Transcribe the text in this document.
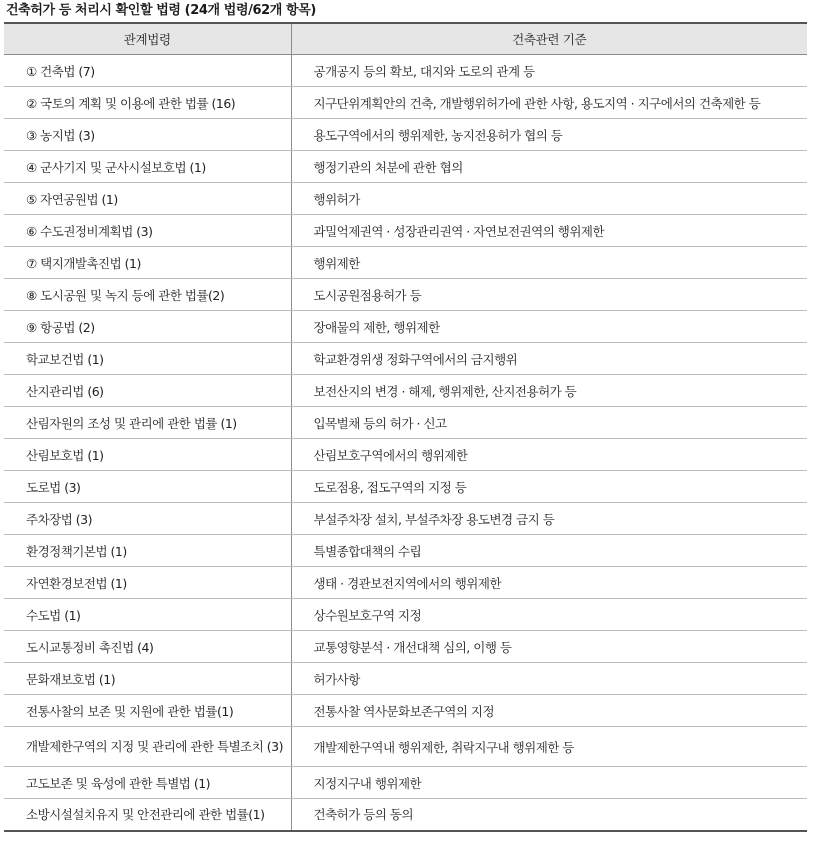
건축허가 등 처리시 확인할 법령 (24개 법령/62개 항목)
관계법령	건축관련 기준
① 건축법 (7)	공개공지 등의 확보, 대지와 도로의 관계 등
② 국토의 계획 및 이용에 관한 법률 (16)	지구단위계획안의 건축, 개발행위허가에 관한 사항, 용도지역 · 지구에서의 건축제한 등
③ 농지법 (3)	용도구역에서의 행위제한, 농지전용허가 협의 등
④ 군사기지 및 군사시설보호법 (1)	행정기관의 처분에 관한 협의
⑤ 자연공원법 (1)	행위허가
⑥ 수도권정비계획법 (3)	과밀억제권역 · 성장관리권역 · 자연보전권역의 행위제한
⑦ 택지개발촉진법 (1)	행위제한
⑧ 도시공원 및 녹지 등에 관한 법률(2)	도시공원점용허가 등
⑨ 항공법 (2)	장애물의 제한, 행위제한
학교보건법 (1)	학교환경위생 정화구역에서의 금지행위
산지관리법 (6)	보전산지의 변경 · 해제, 행위제한, 산지전용허가 등
산림자원의 조성 및 관리에 관한 법률 (1)	입목벌채 등의 허가 · 신고
산림보호법 (1)	산림보호구역에서의 행위제한
도로법 (3)	도로점용, 접도구역의 지정 등
주차장법 (3)	부설주차장 설치, 부설주차장 용도변경 금지 등
환경정책기본법 (1)	특별종합대책의 수립
자연환경보전법 (1)	생태 · 경관보전지역에서의 행위제한
수도법 (1)	상수원보호구역 지정
도시교통정비 촉진법 (4)	교통영향분석 · 개선대책 심의, 이행 등
문화재보호법 (1)	허가사항
전통사찰의 보존 및 지원에 관한 법률(1)	전통사찰 역사문화보존구역의 지정
개발제한구역의 지정 및 관리에 관한 특별조치 (3)	개발제한구역내 행위제한, 취락지구내 행위제한 등
고도보존 및 육성에 관한 특별법 (1)	지정지구내 행위제한
소방시설설치유지 및 안전관리에 관한 법률(1)	건축허가 등의 동의
